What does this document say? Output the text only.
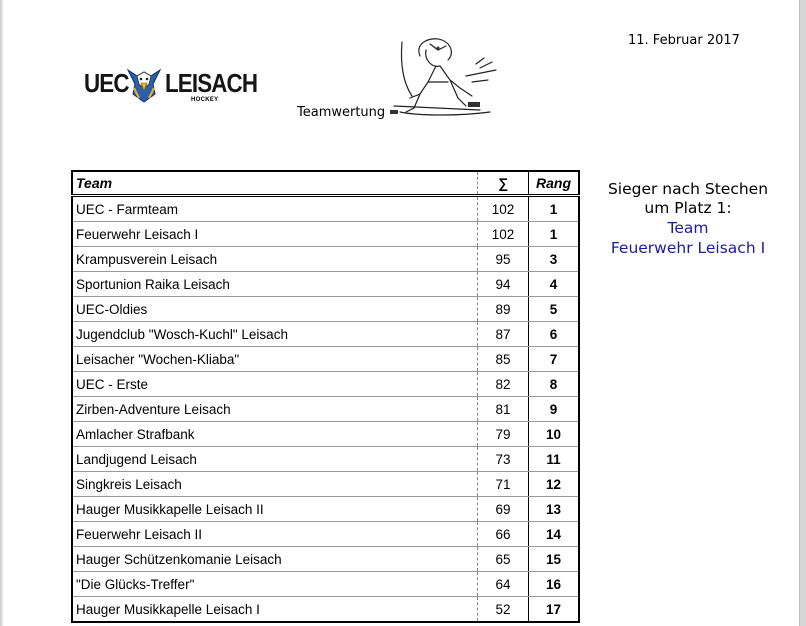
11. Februar 2017
UEC LEISACH
HOCKEY
Teamwertung
Team	∑	Rang
UEC - Farmteam	102	1
Feuerwehr Leisach I	102	1
Krampusverein Leisach	95	3
Sportunion Raika Leisach	94	4
UEC-Oldies	89	5
Jugendclub "Wosch-Kuchl" Leisach	87	6
Leisacher "Wochen-Kliaba"	85	7
UEC - Erste	82	8
Zirben-Adventure Leisach	81	9
Amlacher Strafbank	79	10
Landjugend Leisach	73	11
Singkreis Leisach	71	12
Hauger Musikkapelle Leisach II	69	13
Feuerwehr Leisach II	66	14
Hauger Schützenkomanie Leisach	65	15
"Die Glücks-Treffer"	64	16
Hauger Musikkapelle Leisach I	52	17
Sieger nach Stechen
um Platz 1:
Team
Feuerwehr Leisach I
